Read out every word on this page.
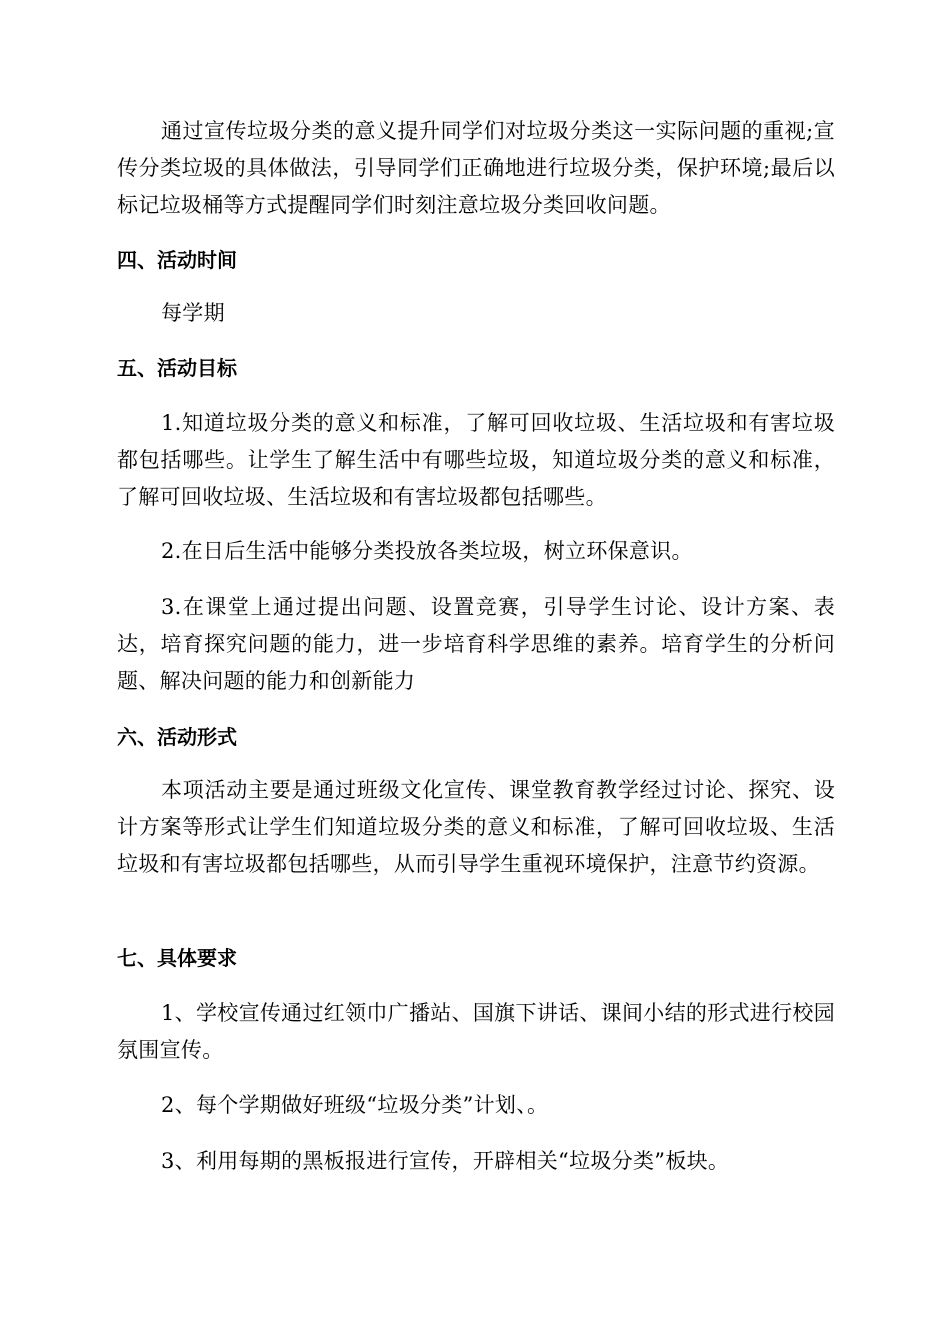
通过宣传垃圾分类的意义提升同学们对垃圾分类这一实际问题的重视;宣传分类垃圾的具体做法，引导同学们正确地进行垃圾分类，保护环境;最后以标记垃圾桶等方式提醒同学们时刻注意垃圾分类回收问题。

四、活动时间

每学期

五、活动目标

1.知道垃圾分类的意义和标准，了解可回收垃圾、生活垃圾和有害垃圾都包括哪些。让学生了解生活中有哪些垃圾，知道垃圾分类的意义和标准，了解可回收垃圾、生活垃圾和有害垃圾都包括哪些。

2.在日后生活中能够分类投放各类垃圾，树立环保意识。

3.在课堂上通过提出问题、设置竞赛，引导学生讨论、设计方案、表达，培育探究问题的能力，进一步培育科学思维的素养。培育学生的分析问题、解决问题的能力和创新能力

六、活动形式

本项活动主要是通过班级文化宣传、课堂教育教学经过讨论、探究、设计方案等形式让学生们知道垃圾分类的意义和标准，了解可回收垃圾、生活垃圾和有害垃圾都包括哪些，从而引导学生重视环境保护，注意节约资源。

七、具体要求

1、学校宣传通过红领巾广播站、国旗下讲话、课间小结的形式进行校园氛围宣传。

2、每个学期做好班级“垃圾分类”计划、。

3、利用每期的黑板报进行宣传，开辟相关“垃圾分类”板块。
